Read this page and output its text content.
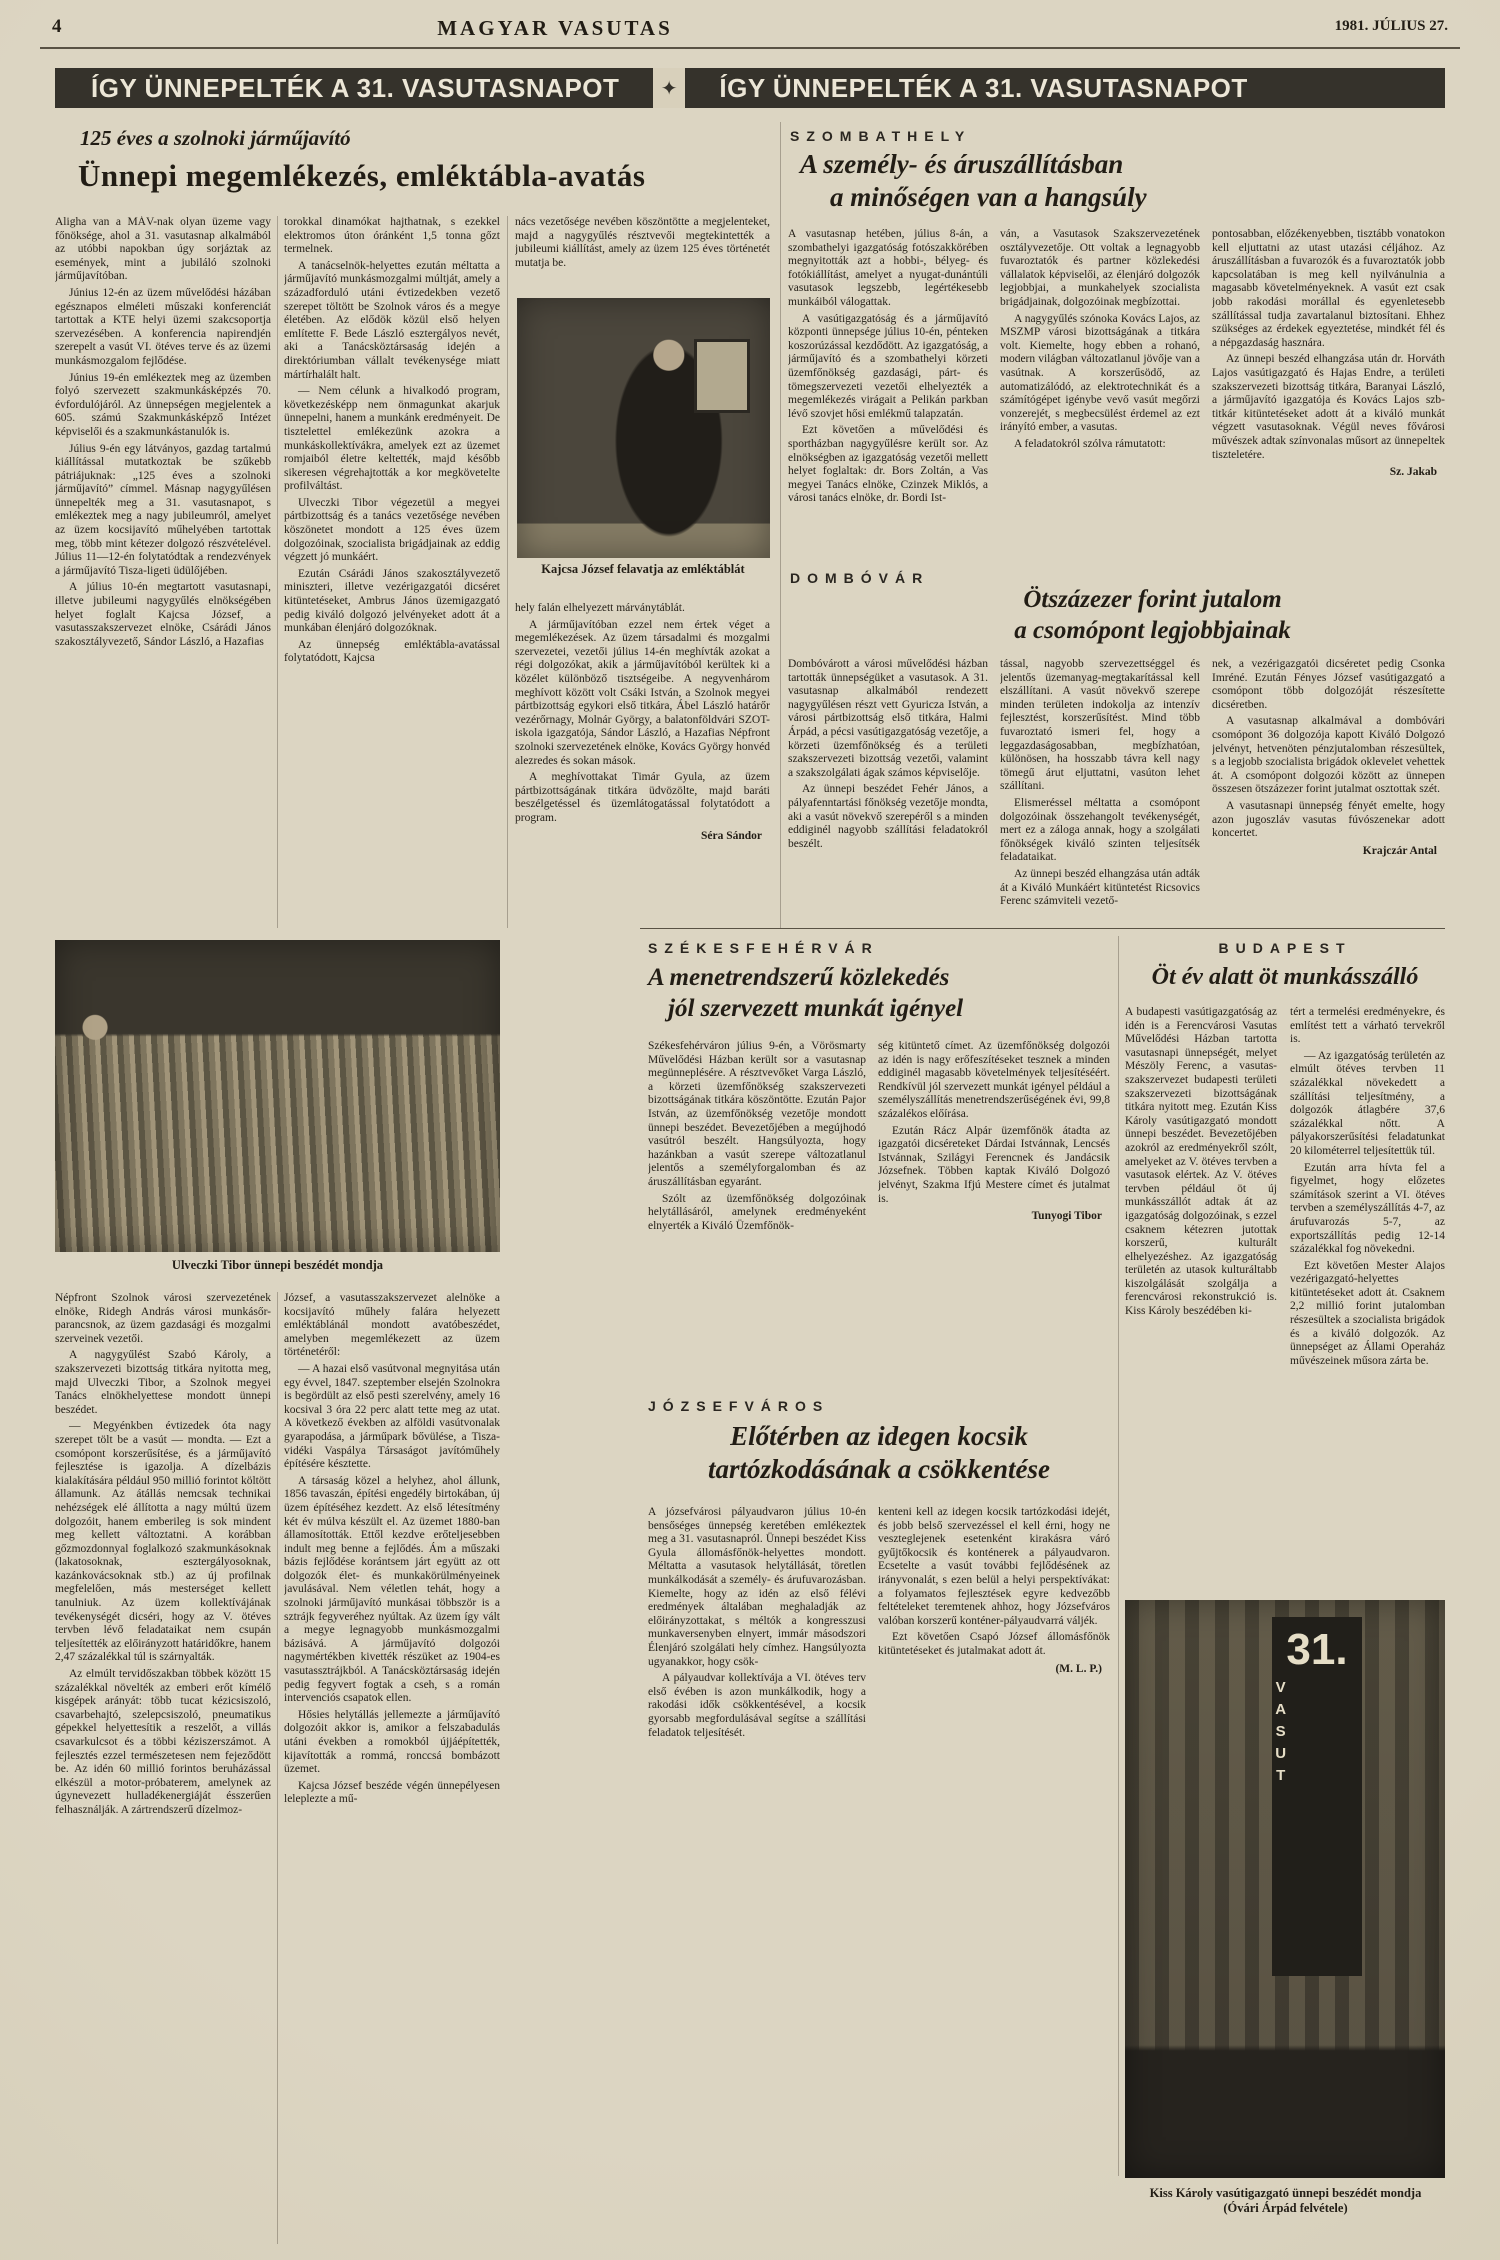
4	MAGYAR VASUTAS	1981. JÚLIUS 27.
ÍGY ÜNNEPELTÉK A 31. VASUTASNAPOT	✦ ÍGY ÜNNEPELTÉK A 31. VASUTASNAPOT
125 éves a szolnoki járműjavító
Ünnepi megemlékezés, emléktábla-avatás

Aligha van a MÁV-nak olyan üzeme vagy főnöksége, ahol a 31. vasutasnap alkalmából az utóbbi napokban úgy sorjáztak az események, mint a jubiláló szolnoki járműjavítóban.

Június 12-én az üzem művelődési házában egésznapos elméleti műszaki konferenciát tartottak a KTE helyi üzemi szakcsoportja szervezésében. A konferencia napirendjén szerepelt a vasút VI. ötéves terve és az üzemi munkásmozgalom fejlődése.

Június 19-én emlékeztek meg az üzemben folyó szervezett szakmunkásképzés 70. évfordulójáról. Az ünnepségen megjelentek a 605. számú Szakmunkásképző Intézet képviselői és a szakmunkástanulók is.

Július 9-én egy látványos, gazdag tartalmú kiállítással mutatkoztak be szűkebb pátriájuknak: „125 éves a szolnoki járműjavító” címmel. Másnap nagygyűlésen ünnepelték meg a 31. vasutasnapot, s emlékeztek meg a nagy jubileumról, amelyet az üzem kocsijavító műhelyében tartottak meg, több mint kétezer dolgozó részvételével. Július 11—12-én folytatódtak a rendezvények a járműjavító Tisza-ligeti üdülőjében.

A július 10-én megtartott vasutasnapi, illetve jubileumi nagygyűlés elnökségében helyet foglalt Kajcsa József, a vasutasszakszervezet elnöke, Csárádi János szakosztályvezető, Sándor László, a Hazafias

torokkal dinamókat hajthatnak, s ezekkel elektromos úton óránként 1,5 tonna gőzt termelnek.

A tanácselnök-helyettes ezután méltatta a járműjavító munkásmozgalmi múltját, amely a századforduló utáni évtizedekben vezető szerepet töltött be Szolnok város és a megye életében. Az elődök közül első helyen említette F. Bede László esztergályos nevét, aki a Tanácsköztársaság idején a direktóriumban vállalt tevékenysége miatt mártírhalált halt.

— Nem célunk a hivalkodó program, következésképp nem önmagunkat akarjuk ünnepelni, hanem a munkánk eredményeit. De tisztelettel emlékezünk azokra a munkáskollektívákra, amelyek ezt az üzemet romjaiból életre keltették, majd később sikeresen végrehajtották a kor megkövetelte profilváltást.

Ulveczki Tibor végezetül a megyei pártbizottság és a tanács vezetősége nevében köszönetet mondott a 125 éves üzem dolgozóinak, szocialista brigádjainak az eddig végzett jó munkáért.

Ezután Csárádi János szakosztályvezető miniszteri, illetve vezérigazgatói dicséret kitüntetéseket, Ambrus János üzemigazgató pedig kiváló dolgozó jelvényeket adott át a munkában élenjáró dolgozóknak.

Az ünnepség emléktábla-avatással folytatódott, Kajcsa

nács vezetősége nevében köszöntötte a megjelenteket, majd a nagygyűlés résztvevői megtekintették a jubileumi kiállítást, amely az üzem 125 éves történetét mutatja be.

Kajcsa József felavatja az emléktáblát

hely falán elhelyezett márványtáblát.

A járműjavítóban ezzel nem értek véget a megemlékezések. Az üzem társadalmi és mozgalmi szervezetei, vezetői július 14-én meghívták azokat a régi dolgozókat, akik a járműjavítóból kerültek ki a közélet különböző tisztségeibe. A negyvenhárom meghívott között volt Csáki István, a Szolnok megyei pártbizottság egykori első titkára, Ábel László határőr vezérőrnagy, Molnár György, a balatonföldvári SZOT-iskola igazgatója, Sándor László, a Hazafias Népfront szolnoki szervezetének elnöke, Kovács György honvéd alezredes és sokan mások.

A meghívottakat Timár Gyula, az üzem pártbizottságának titkára üdvözölte, majd baráti beszélgetéssel és üzemlátogatással folytatódott a program.

Séra Sándor
Ulveczki Tibor ünnepi beszédét mondja

Népfront Szolnok városi szervezetének elnöke, Ridegh András városi munkásőr-parancsnok, az üzem gazdasági és mozgalmi szerveinek vezetői.

A nagygyűlést Szabó Károly, a szakszervezeti bizottság titkára nyitotta meg, majd Ulveczki Tibor, a Szolnok megyei Tanács elnökhelyettese mondott ünnepi beszédet.

— Megyénkben évtizedek óta nagy szerepet tölt be a vasút — mondta. — Ezt a csomópont korszerűsítése, és a járműjavító fejlesztése is igazolja. A dízelbázis kialakítására például 950 millió forintot költött államunk. Az átállás nemcsak technikai nehézségek elé állította a nagy múltú üzem dolgozóit, hanem emberileg is sok mindent meg kellett változtatni. A korábban gőzmozdonnyal foglalkozó szakmunkásoknak (lakatosoknak, esztergályosoknak, kazánkovácsoknak stb.) az új profilnak megfelelően, más mesterséget kellett tanulniuk. Az üzem kollektívájának tevékenységét dicséri, hogy az V. ötéves tervben lévő feladataikat nem csupán teljesítették az előirányzott határidőkre, hanem 2,47 százalékkal túl is szárnyalták.

Az elmúlt tervidőszakban többek között 15 százalékkal növelték az emberi erőt kímélő kisgépek arányát: több tucat kézicsiszoló, csavarbehajtó, szelepcsiszoló, pneumatikus gépekkel helyettesítik a reszelőt, a villás csavarkulcsot és a többi kéziszerszámot. A fejlesztés ezzel természetesen nem fejeződött be. Az idén 60 millió forintos beruházással elkészül a motor-próbaterem, amelynek az úgynevezett hulladékenergiáját ésszerűen felhasználják. A zártrendszerű dízelmoz-

József, a vasutasszakszervezet alelnöke a kocsijavító műhely falára helyezett emléktáblánál mondott avatóbeszédet, amelyben megemlékezett az üzem történetéről:

— A hazai első vasútvonal megnyitása után egy évvel, 1847. szeptember elsején Szolnokra is begördült az első pesti szerelvény, amely 16 kocsival 3 óra 22 perc alatt tette meg az utat. A következő években az alföldi vasútvonalak gyarapodása, a járműpark bővülése, a Tisza-vidéki Vaspálya Társaságot javítóműhely építésére késztette.

A társaság közel a helyhez, ahol állunk, 1856 tavaszán, építési engedély birtokában, új üzem építéséhez kezdett. Az első létesítmény két év múlva készült el. Az üzemet 1880-ban államosították. Ettől kezdve erőteljesebben indult meg benne a fejlődés. Ám a műszaki bázis fejlődése korántsem járt együtt az ott dolgozók élet- és munkakörülményeinek javulásával. Nem véletlen tehát, hogy a szolnoki járműjavító munkásai többször is a sztrájk fegyveréhez nyúltak. Az üzem így vált a megye legnagyobb munkásmozgalmi bázisává. A járműjavító dolgozói nagymértékben kivették részüket az 1904-es vasutassztrájkból. A Tanácsköztársaság idején pedig fegyvert fogtak a cseh, s a román intervenciós csapatok ellen.

Hősies helytállás jellemezte a járműjavító dolgozóit akkor is, amikor a felszabadulás utáni években a romokból újjáépítették, kijavították a rommá, ronccsá bombázott üzemet.

Kajcsa József beszéde végén ünnepélyesen leleplezte a mű-

SZOMBATHELY
A személy- és áruszállításban
a minőségen van a hangsúly

A vasutasnap hetében, július 8-án, a szombathelyi igazgatóság fotószakkörében megnyitották azt a hobbi-, bélyeg- és fotókiállítást, amelyet a nyugat-dunántúli vasutasok legszebb, legértékesebb munkáiból válogattak.

A vasútigazgatóság és a járműjavító központi ünnepsége július 10-én, pénteken koszorúzással kezdődött. Az igazgatóság, a járműjavító és a szombathelyi körzeti üzemfőnökség gazdasági, párt- és tömegszervezeti vezetői elhelyezték a megemlékezés virágait a Pelikán parkban lévő szovjet hősi emlékmű talapzatán.

Ezt követően a művelődési és sportházban nagygyűlésre került sor. Az elnökségben az igazgatóság vezetői mellett helyet foglaltak: dr. Bors Zoltán, a Vas megyei Tanács elnöke, Czinzek Miklós, a városi tanács elnöke, dr. Bordi Ist-

ván, a Vasutasok Szakszervezetének osztályvezetője. Ott voltak a legnagyobb fuvaroztatók és partner közlekedési vállalatok képviselői, az élenjáró dolgozók legjobbjai, a munkahelyek szocialista brigádjainak, dolgozóinak megbízottai.

A nagygyűlés szónoka Kovács Lajos, az MSZMP városi bizottságának a titkára volt. Kiemelte, hogy ebben a rohanó, modern világban változatlanul jövője van a vasútnak. A korszerűsödő, az automatizálódó, az elektrotechnikát és a számítógépet igénybe vevő vasút megőrzi vonzerejét, s megbecsülést érdemel az ezt irányító ember, a vasutas.

A feladatokról szólva rámutatott:

pontosabban, előzékenyebben, tisztább vonatokon kell eljuttatni az utast utazási céljához. Az áruszállításban a fuvarozók és a fuvaroztatók jobb kapcsolatában is meg kell nyilvánulnia a magasabb követelményeknek. A vasút ezt csak jobb rakodási morállal és egyenletesebb szállítással tudja zavartalanul biztosítani. Ehhez szükséges az érdekek egyeztetése, mindkét fél és a népgazdaság hasznára.

Az ünnepi beszéd elhangzása után dr. Horváth Lajos vasútigazgató és Hajas Endre, a területi szakszervezeti bizottság titkára, Baranyai László, a járműjavító igazgatója és Kovács Lajos szb-titkár kitüntetéseket adott át a kiváló munkát végzett vasutasoknak. Végül neves fővárosi művészek adtak színvonalas műsort az ünnepeltek tiszteletére.

Sz. Jakab
DOMBÓVÁR
Ötszázezer forint jutalom
a csomópont legjobbjainak

Dombóvárott a városi művelődési házban tartották ünnepségüket a vasutasok. A 31. vasutasnap alkalmából rendezett nagygyűlésen részt vett Gyuricza István, a városi pártbizottság első titkára, Halmi Árpád, a pécsi vasútigazgatóság vezetője, a körzeti üzemfőnökség és a területi szakszervezeti bizottság vezetői, valamint a szakszolgálati ágak számos képviselője.

Az ünnepi beszédet Fehér János, a pályafenntartási főnökség vezetője mondta, aki a vasút növekvő szerepéről s a minden eddiginél nagyobb szállítási feladatokról beszélt.

tással, nagyobb szervezettséggel és jelentős üzemanyag-megtakarítással kell elszállítani. A vasút növekvő szerepe minden területen indokolja az intenzív fejlesztést, korszerűsítést. Mind több fuvaroztató ismeri fel, hogy a leggazdaságosabban, megbízhatóan, különösen, ha hosszabb távra kell nagy tömegű árut eljuttatni, vasúton lehet szállítani.

Elismeréssel méltatta a csomópont dolgozóinak összehangolt tevékenységét, mert ez a záloga annak, hogy a szolgálati főnökségek kiváló szinten teljesítsék feladataikat.

Az ünnepi beszéd elhangzása után adták át a Kiváló Munkáért kitüntetést Ricsovics Ferenc számviteli vezető-

nek, a vezérigazgatói dicséretet pedig Csonka Imréné. Ezután Fényes József vasútigazgató a csomópont több dolgozóját részesítette dicséretben.

A vasutasnap alkalmával a dombóvári csomópont 36 dolgozója kapott Kiváló Dolgozó jelvényt, hetvenöten pénzjutalomban részesültek, s a legjobb szocialista brigádok oklevelet vehettek át. A csomópont dolgozói között az ünnepen összesen ötszázezer forint jutalmat osztottak szét.

A vasutasnapi ünnepség fényét emelte, hogy azon jugoszláv vasutas fúvószenekar adott koncertet.

Krajczár Antal
SZÉKESFEHÉRVÁR
A menetrendszerű közlekedés
jól szervezett munkát igényel

Székesfehérváron július 9-én, a Vörösmarty Művelődési Házban került sor a vasutasnap megünneplésére. A résztvevőket Varga László, a körzeti üzemfőnökség szakszervezeti bizottságának titkára köszöntötte. Ezután Pajor István, az üzemfőnökség vezetője mondott ünnepi beszédet. Bevezetőjében a megújhodó vasútról beszélt. Hangsúlyozta, hogy hazánkban a vasút szerepe változatlanul jelentős a személyforgalomban és az áruszállításban egyaránt.

Szólt az üzemfőnökség dolgozóinak helytállásáról, amelynek eredményeként elnyerték a Kiváló Üzemfőnök-

ség kitüntető címet. Az üzemfőnökség dolgozói az idén is nagy erőfeszítéseket tesznek a minden eddiginél magasabb követelmények teljesítéséért. Rendkívül jól szervezett munkát igényel például a személyszállítás menetrendszerűségének évi, 99,8 százalékos előírása.

Ezután Rácz Alpár üzemfőnök átadta az igazgatói dicséreteket Dárdai Istvánnak, Lencsés Istvánnak, Szilágyi Ferencnek és Jandácsik Józsefnek. Többen kaptak Kiváló Dolgozó jelvényt, Szakma Ifjú Mestere címet és jutalmat is.

Tunyogi Tibor
BUDAPEST
Öt év alatt öt munkásszálló

A budapesti vasútigazgatóság az idén is a Ferencvárosi Vasutas Művelődési Házban tartotta vasutasnapi ünnepségét, melyet Mészöly Ferenc, a vasutas-szakszervezet budapesti területi szakszervezeti bizottságának titkára nyitott meg. Ezután Kiss Károly vasútigazgató mondott ünnepi beszédet. Bevezetőjében azokról az eredményekről szólt, amelyeket az V. ötéves tervben a vasutasok elértek. Az V. ötéves tervben például öt új munkásszállót adtak át az igazgatóság dolgozóinak, s ezzel csaknem kétezren jutottak korszerű, kulturált elhelyezéshez. Az igazgatóság területén az utasok kulturáltabb kiszolgálását szolgálja a ferencvárosi rekonstrukció is. Kiss Károly beszédében ki-

tért a termelési eredményekre, és említést tett a várható tervekről is.

— Az igazgatóság területén az elmúlt ötéves tervben 11 százalékkal növekedett a szállítási teljesítmény, a dolgozók átlagbére 37,6 százalékkal nőtt. A pályakorszerűsítési feladatunkat 20 kilométerrel teljesítettük túl.

Ezután arra hívta fel a figyelmet, hogy előzetes számítások szerint a VI. ötéves tervben a személyszállítás 4-7, az árufuvarozás 5-7, az exportszállítás pedig 12-14 százalékkal fog növekedni.

Ezt követően Mester Alajos vezérigazgató-helyettes kitüntetéseket adott át. Csaknem 2,2 millió forint jutalomban részesültek a szocialista brigádok és a kiváló dolgozók. Az ünnepséget az Állami Operaház művészeinek műsora zárta be.

JÓZSEFVÁROS
Előtérben az idegen kocsik
tartózkodásának a csökkentése

A józsefvárosi pályaudvaron július 10-én bensőséges ünnepség keretében emlékeztek meg a 31. vasutasnapról. Ünnepi beszédet Kiss Gyula állomásfőnök-helyettes mondott. Méltatta a vasutasok helytállását, töretlen munkálkodását a személy- és árufuvarozásban. Kiemelte, hogy az idén az első félévi eredmények általában meghaladják az előirányzottakat, s méltók a kongresszusi munkaversenyben elnyert, immár másodszori Élenjáró szolgálati hely címhez. Hangsúlyozta ugyanakkor, hogy csök-

A pályaudvar kollektívája a VI. ötéves terv első évében is azon munkálkodik, hogy a rakodási idők csökkentésével, a kocsik gyorsabb megfordulásával segítse a szállítási feladatok teljesítését.

kenteni kell az idegen kocsik tartózkodási idejét, és jobb belső szervezéssel el kell érni, hogy ne veszteglejenek esetenként kirakásra váró gyűjtőkocsik és konténerek a pályaudvaron. Ecsetelte a vasút további fejlődésének az irányvonalát, s ezen belül a helyi perspektívákat: a folyamatos fejlesztések egyre kedvezőbb feltételeket teremtenek ahhoz, hogy Józsefváros valóban korszerű konténer-pályaudvarrá váljék.

Ezt követően Csapó József állomásfőnök kitüntetéseket és jutalmakat adott át.

(M. L. P.)	31.
VASUT
Kiss Károly vasútigazgató ünnepi beszédét mondja
(Óvári Árpád felvétele)
